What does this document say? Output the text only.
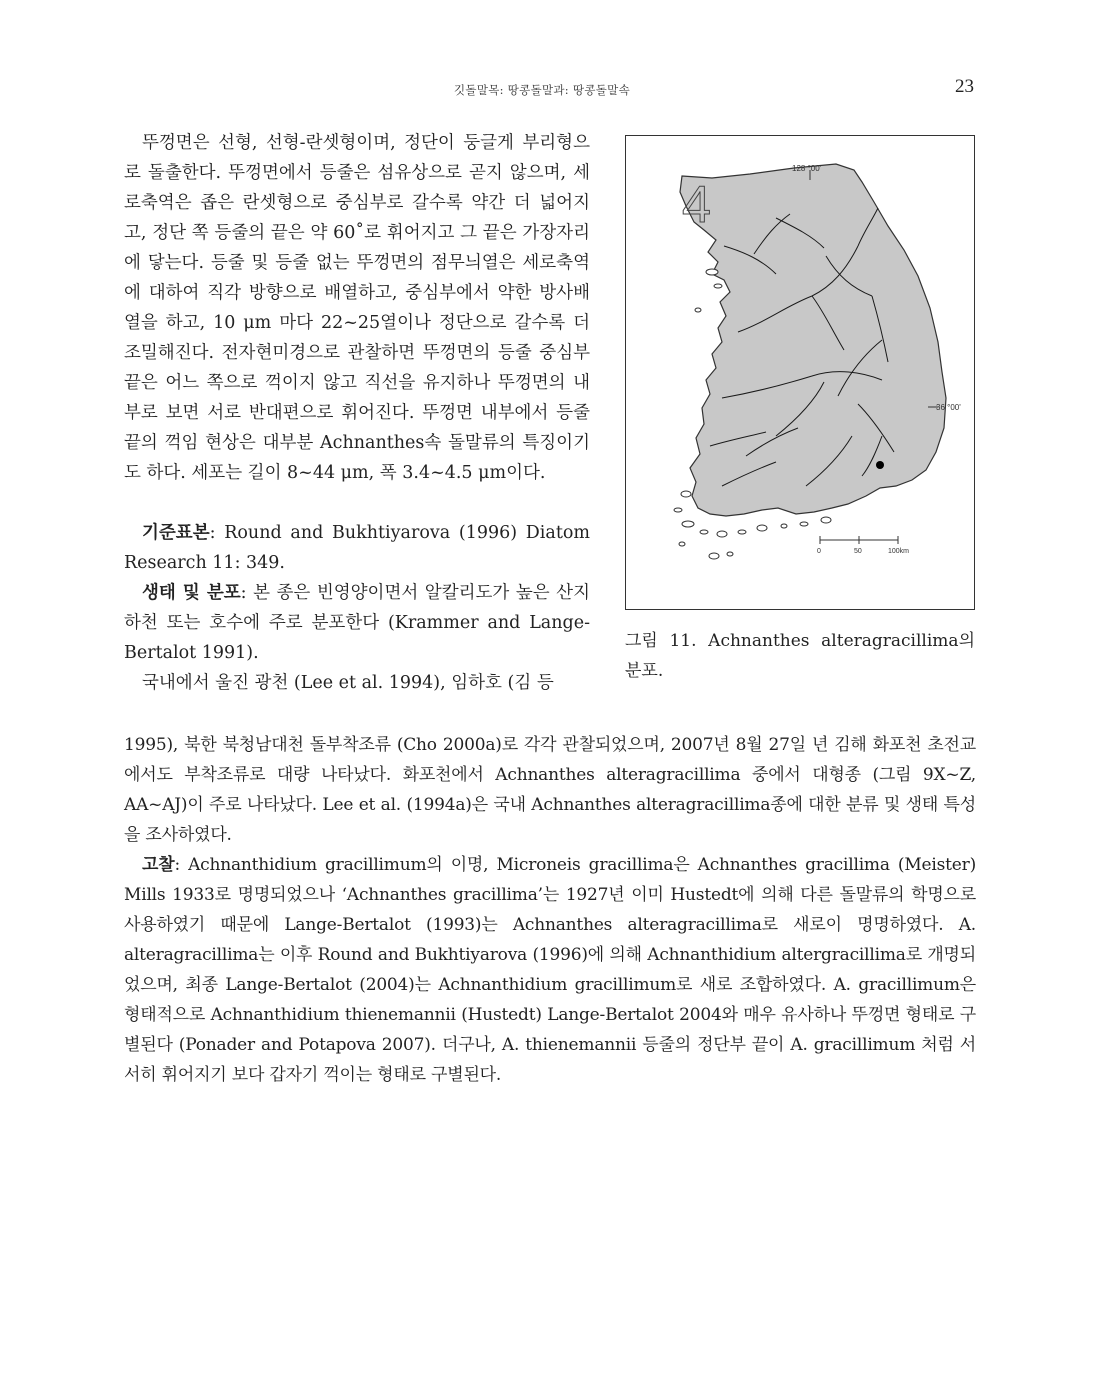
깃돌말목: 땅콩돌말과: 땅콩돌말속	23

뚜껑면은 선형, 선형-란셋형이며, 정단이 둥글게 부리형으로 돌출한다. 뚜껑면에서 등줄은 섬유상으로 곧지 않으며, 세로축역은 좁은 란셋형으로 중심부로 갈수록 약간 더 넓어지고, 정단 쪽 등줄의 끝은 약 60˚로 휘어지고 그 끝은 가장자리에 닿는다. 등줄 및 등줄 없는 뚜껑면의 점무늬열은 세로축역에 대하여 직각 방향으로 배열하고, 중심부에서 약한 방사배열을 하고, 10 μm 마다 22~25열이나 정단으로 갈수록 더 조밀해진다. 전자현미경으로 관찰하면 뚜껑면의 등줄 중심부 끝은 어느 쪽으로 꺽이지 않고 직선을 유지하나 뚜껑면의 내부로 보면 서로 반대편으로 휘어진다. 뚜껑면 내부에서 등줄 끝의 꺽임 현상은 대부분 Achnanthes속 돌말류의 특징이기도 하다. 세포는 길이 8~44 μm, 폭 3.4~4.5 μm이다.

기준표본: Round and Bukhtiyarova (1996) Diatom Research 11: 349.

생태 및 분포: 본 종은 빈영양이면서 알칼리도가 높은 산지 하천 또는 호수에 주로 분포한다 (Krammer and Lange-Bertalot 1991).

국내에서 울진 광천 (Lee et al. 1994), 임하호 (김 등

128 °00'
36 °00'
4
0	50	100km
그림 11. Achnanthes alteragracillima의 분포.

1995), 북한 북청남대천 돌부착조류 (Cho 2000a)로 각각 관찰되었으며, 2007년 8월 27일 년 김해 화포천 초전교에서도 부착조류로 대량 나타났다. 화포천에서 Achnanthes alteragracillima 중에서 대형종 (그림 9X~Z, AA~AJ)이 주로 나타났다. Lee et al. (1994a)은 국내 Achnanthes alteragracillima종에 대한 분류 및 생태 특성을 조사하였다.

고찰: Achnanthidium gracillimum의 이명, Microneis gracillima은 Achnanthes gracillima (Meister) Mills 1933로 명명되었으나 ‘Achnanthes gracillima’는 1927년 이미 Hustedt에 의해 다른 돌말류의 학명으로 사용하였기 때문에 Lange-Bertalot (1993)는 Achnanthes alteragracillima로 새로이 명명하였다. A. alteragracillima는 이후 Round and Bukhtiyarova (1996)에 의해 Achnanthidium altergracillima로 개명되었으며, 최종 Lange-Bertalot (2004)는 Achnanthidium gracillimum로 새로 조합하였다. A. gracillimum은 형태적으로 Achnanthidium thienemannii (Hustedt) Lange-Bertalot 2004와 매우 유사하나 뚜껑면 형태로 구별된다 (Ponader and Potapova 2007). 더구나, A. thienemannii 등줄의 정단부 끝이 A. gracillimum 처럼 서서히 휘어지기 보다 갑자기 꺽이는 형태로 구별된다.
